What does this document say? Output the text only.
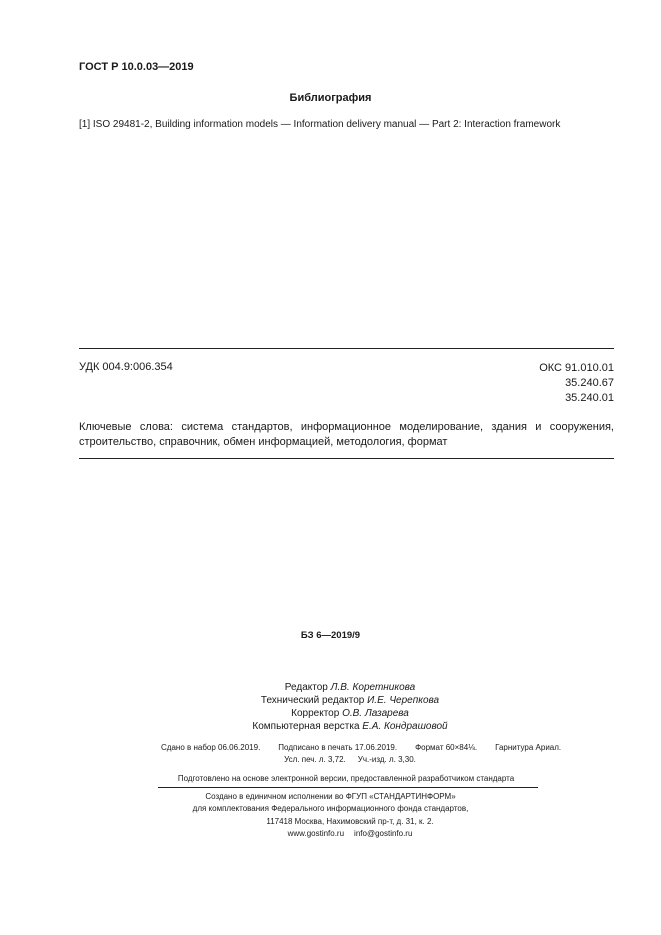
ГОСТ Р 10.0.03—2019
Библиография
[1] ISO 29481-2, Building information models — Information delivery manual — Part 2: Interaction framework
УДК 004.9:006.354	ОКС 91.010.01
35.240.67
35.240.01
Ключевые слова: система стандартов, информационное моделирование, здания и сооружения, строительство, справочник, обмен информацией, методология, формат
БЗ 6—2019/9
Редактор Л.В. Коретникова
Технический редактор И.Е. Черепкова
Корректор О.В. Лазарева
Компьютерная верстка Е.А. Кондрашовой
Сдано в набор 06.06.2019. Подписано в печать 17.06.2019. Формат 60×84⅛. Гарнитура Ариал.
Усл. печ. л. 3,72. Уч.-изд. л. 3,30.
Подготовлено на основе электронной версии, предоставленной разработчиком стандарта
Создано в единичном исполнении во ФГУП «СТАНДАРТИНФОРМ»
для комплектования Федерального информационного фонда стандартов,
117418 Москва, Нахимовский пр-т, д. 31, к. 2.
www.gostinfo.ru info@gostinfo.ru
